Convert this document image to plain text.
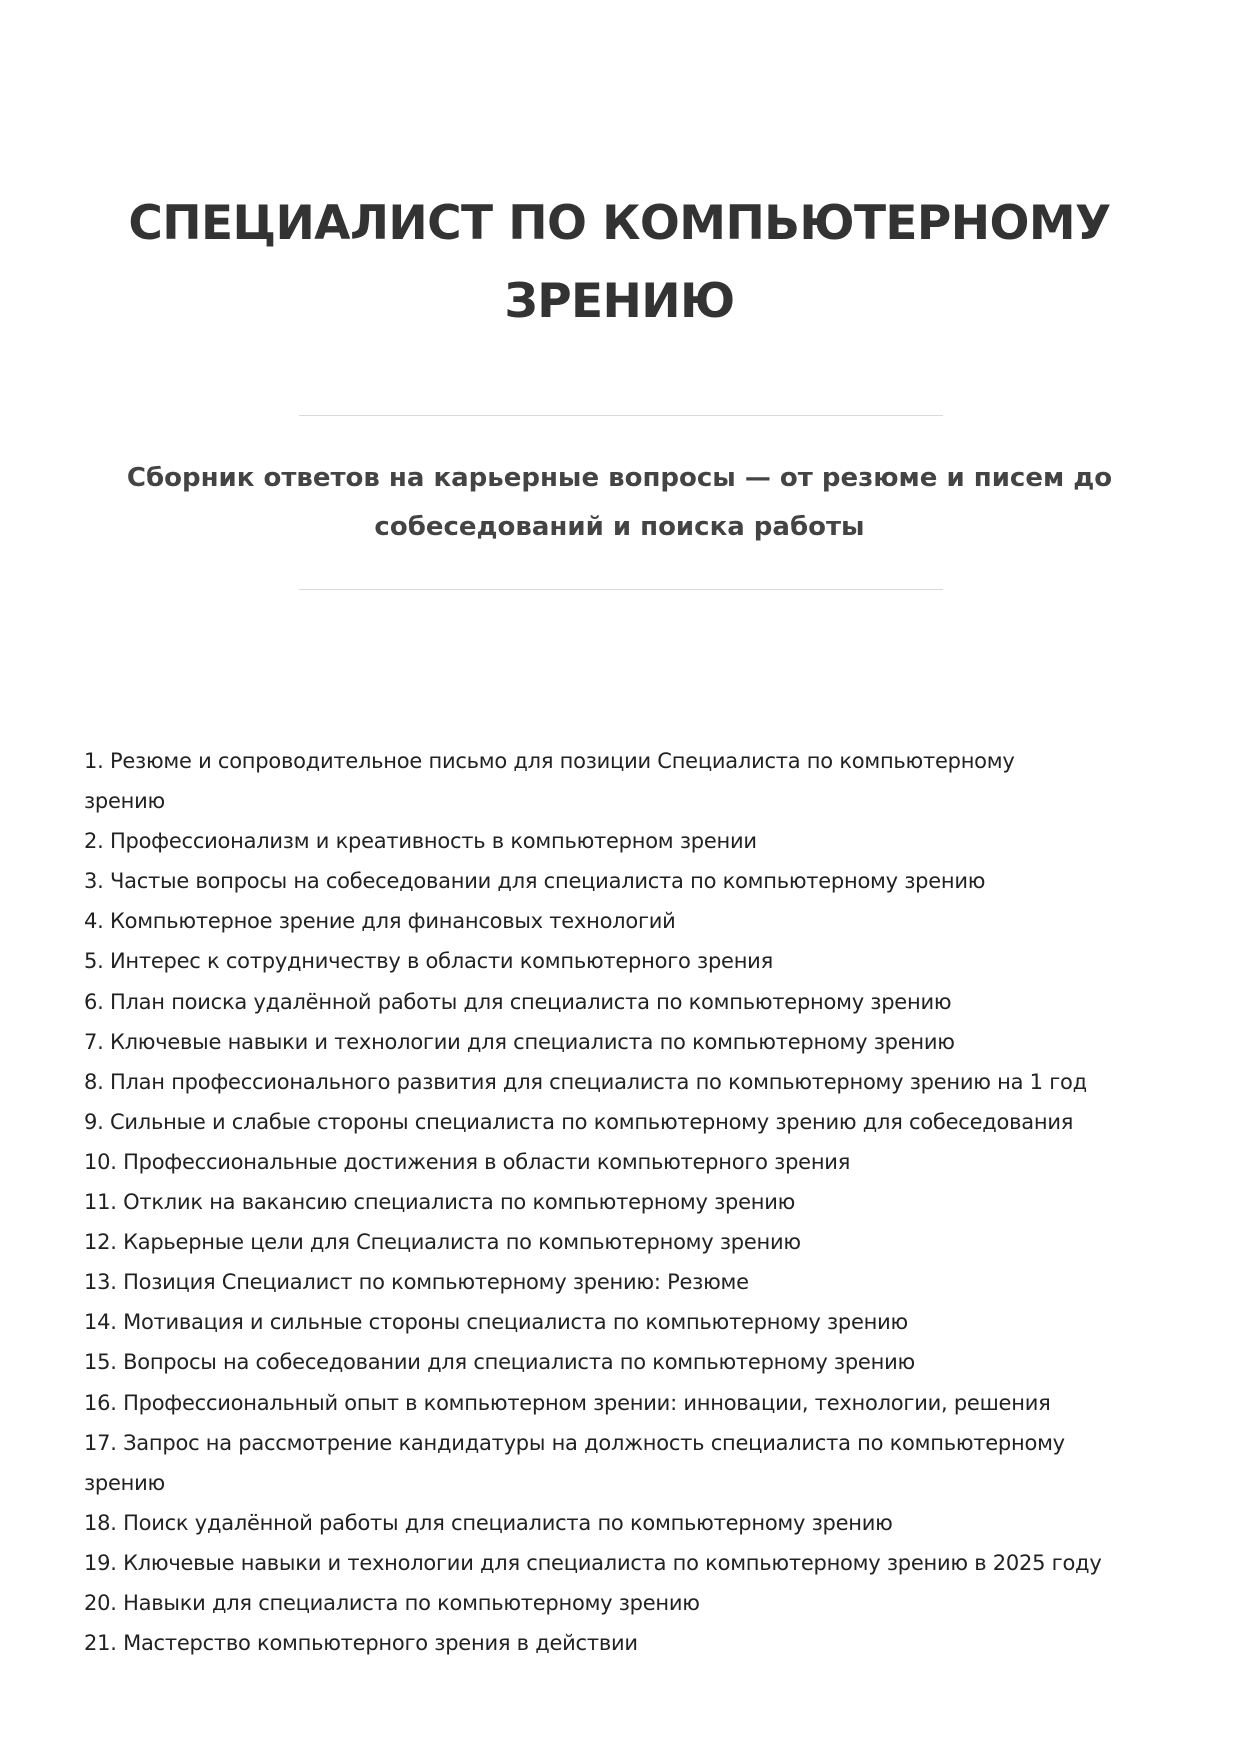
СПЕЦИАЛИСТ ПО КОМПЬЮТЕРНОМУ
ЗРЕНИЮ

Сборник ответов на карьерные вопросы — от резюме и писем до
собеседований и поиска работы

1. Резюме и сопроводительное письмо для позиции Специалиста по компьютерному
зрению
2. Профессионализм и креативность в компьютерном зрении
3. Частые вопросы на собеседовании для специалиста по компьютерному зрению
4. Компьютерное зрение для финансовых технологий
5. Интерес к сотрудничеству в области компьютерного зрения
6. План поиска удалённой работы для специалиста по компьютерному зрению
7. Ключевые навыки и технологии для специалиста по компьютерному зрению
8. План профессионального развития для специалиста по компьютерному зрению на 1 год
9. Сильные и слабые стороны специалиста по компьютерному зрению для собеседования
10. Профессиональные достижения в области компьютерного зрения
11. Отклик на вакансию специалиста по компьютерному зрению
12. Карьерные цели для Специалиста по компьютерному зрению
13. Позиция Специалист по компьютерному зрению: Резюме
14. Мотивация и сильные стороны специалиста по компьютерному зрению
15. Вопросы на собеседовании для специалиста по компьютерному зрению
16. Профессиональный опыт в компьютерном зрении: инновации, технологии, решения
17. Запрос на рассмотрение кандидатуры на должность специалиста по компьютерному
зрению
18. Поиск удалённой работы для специалиста по компьютерному зрению
19. Ключевые навыки и технологии для специалиста по компьютерному зрению в 2025 году
20. Навыки для специалиста по компьютерному зрению
21. Мастерство компьютерного зрения в действии
